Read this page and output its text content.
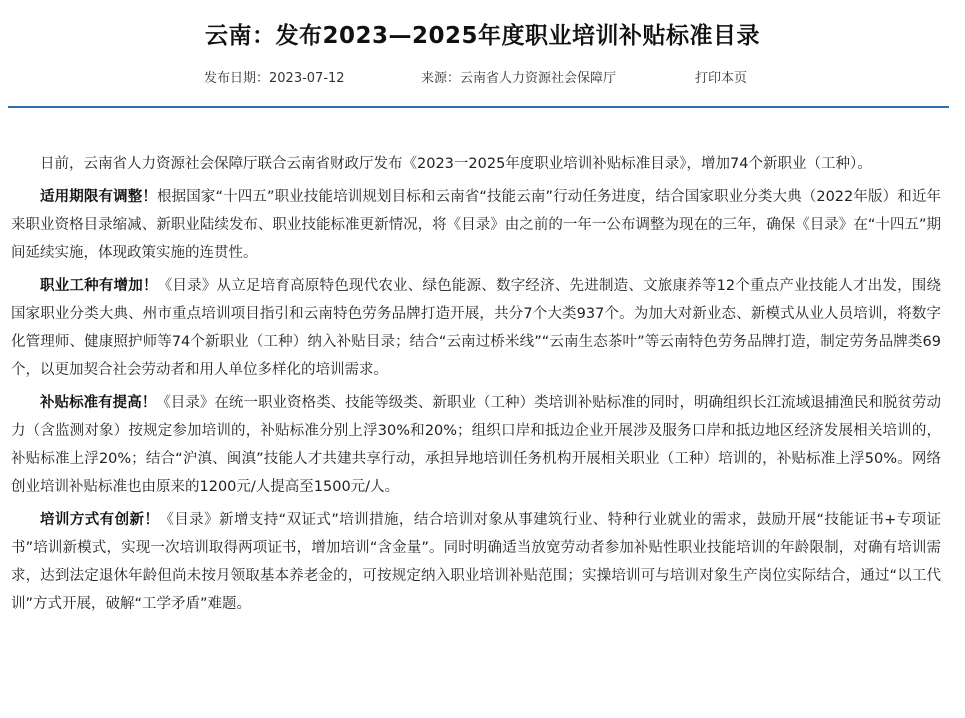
云南：发布2023—2025年度职业培训补贴标准目录
发布日期：2023-07-12	来源：云南省人力资源社会保障厅	打印本页

日前，云南省人力资源社会保障厅联合云南省财政厅发布《2023一2025年度职业培训补贴标准目录》，增加74个新职业（工种）。

适用期限有调整！根据国家“十四五”职业技能培训规划目标和云南省“技能云南”行动任务进度，结合国家职业分类大典（2022年版）和近年来职业资格目录缩减、新职业陆续发布、职业技能标准更新情况，将《目录》由之前的一年一公布调整为现在的三年，确保《目录》在“十四五”期间延续实施，体现政策实施的连贯性。

职业工种有增加！《目录》从立足培育高原特色现代农业、绿色能源、数字经济、先进制造、文旅康养等12个重点产业技能人才出发，围绕国家职业分类大典、州市重点培训项目指引和云南特色劳务品牌打造开展，共分7个大类937个。为加大对新业态、新模式从业人员培训，将数字化管理师、健康照护师等74个新职业（工种）纳入补贴目录；结合“云南过桥米线”“云南生态茶叶”等云南特色劳务品牌打造，制定劳务品牌类69个，以更加契合社会劳动者和用人单位多样化的培训需求。

补贴标准有提高！《目录》在统一职业资格类、技能等级类、新职业（工种）类培训补贴标准的同时，明确组织长江流域退捕渔民和脱贫劳动力（含监测对象）按规定参加培训的，补贴标准分别上浮30%和20%；组织口岸和抵边企业开展涉及服务口岸和抵边地区经济发展相关培训的，补贴标准上浮20%；结合“沪滇、闽滇”技能人才共建共享行动，承担异地培训任务机构开展相关职业（工种）培训的，补贴标准上浮50%。网络创业培训补贴标准也由原来的1200元/人提高至1500元/人。

培训方式有创新！《目录》新增支持“双证式”培训措施，结合培训对象从事建筑行业、特种行业就业的需求，鼓励开展“技能证书+专项证书”培训新模式，实现一次培训取得两项证书，增加培训“含金量”。同时明确适当放宽劳动者参加补贴性职业技能培训的年龄限制，对确有培训需求，达到法定退休年龄但尚未按月领取基本养老金的，可按规定纳入职业培训补贴范围；实操培训可与培训对象生产岗位实际结合，通过“以工代训”方式开展，破解“工学矛盾”难题。
